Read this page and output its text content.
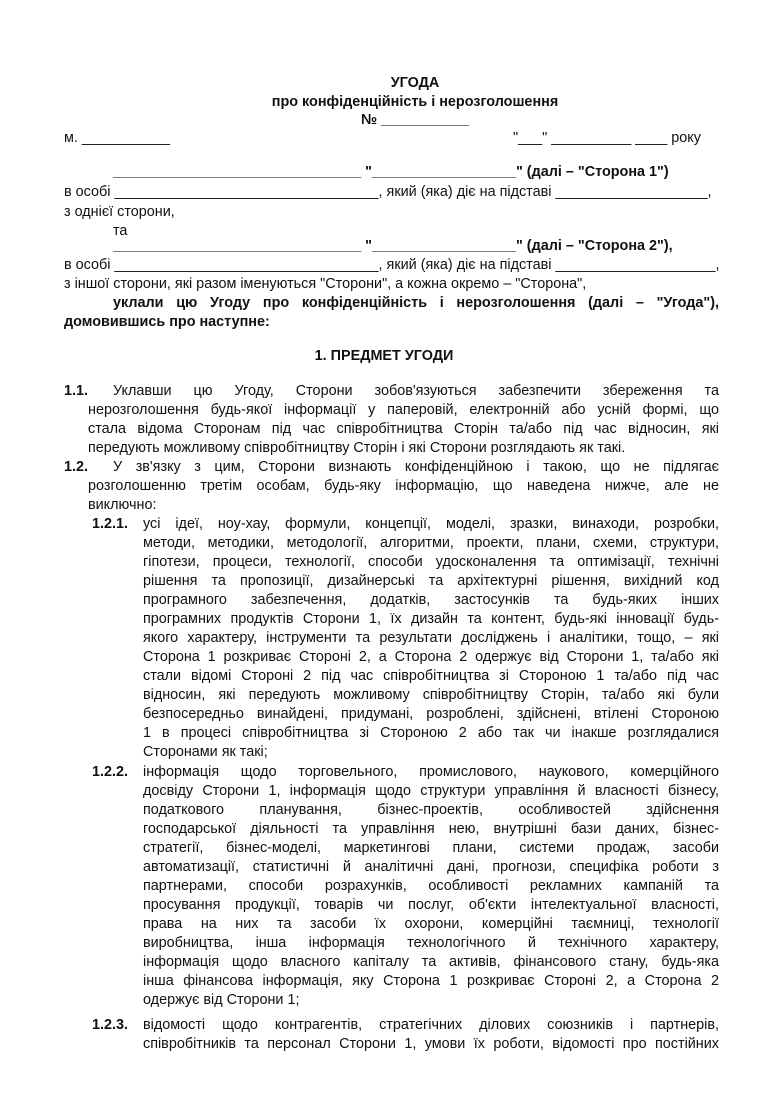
УГОДА
про конфіденційність і нерозголошення
№ ___________
м. ___________	"___" __________ ____ року
_______________________________ "__________________" (далі – "Сторона 1")
в особі _________________________________, який (яка) діє на підставі ___________________,
з однієї сторони,
та
_______________________________ "__________________" (далі – "Сторона 2"),
в особі _________________________________, який (яка) діє на підставі ____________________,
з іншої сторони, які разом іменуються "Сторони", а кожна окремо – "Сторона",
уклали цю Угоду про конфіденційність і нерозголошення (далі – "Угода"),
домовившись про наступне:
1. ПРЕДМЕТ УГОДИ
1.1. Уклавши цю Угоду, Сторони зобов'язуються забезпечити збереження та
нерозголошення будь-якої інформації у паперовій, електронній або усній формі, що
стала відома Сторонам під час співробітництва Сторін та/або під час відносин, які
передують можливому співробітництву Сторін і які Сторони розглядають як такі.
1.2. У зв'язку з цим, Сторони визнають конфіденційною і такою, що не підлягає
розголошенню третім особам, будь-яку інформацію, що наведена нижче, але не
виключно:
1.2.1. усі ідеї, ноу-хау, формули, концепції, моделі, зразки, винаходи, розробки,
методи, методики, методології, алгоритми, проекти, плани, схеми, структури,
гіпотези, процеси, технології, способи удосконалення та оптимізації, технічні
рішення та пропозиції, дизайнерські та архітектурні рішення, вихідний код
програмного забезпечення, додатків, застосунків та будь-яких інших
програмних продуктів Сторони 1, їх дизайн та контент, будь-які інновації будь-
якого характеру, інструменти та результати досліджень і аналітики, тощо, – які
Сторона 1 розкриває Стороні 2, а Сторона 2 одержує від Сторони 1, та/або які
стали відомі Стороні 2 під час співробітництва зі Стороною 1 та/або під час
відносин, які передують можливому співробітництву Сторін, та/або які були
безпосередньо винайдені, придумані, розроблені, здійснені, втілені Стороною
1 в процесі співробітництва зі Стороною 2 або так чи інакше розглядалися
Сторонами як такі;
1.2.2. інформація щодо торговельного, промислового, наукового, комерційного
досвіду Сторони 1, інформація щодо структури управління й власності бізнесу,
податкового планування, бізнес-проектів, особливостей здійснення
господарської діяльності та управління нею, внутрішні бази даних, бізнес-
стратегії, бізнес-моделі, маркетингові плани, системи продаж, засоби
автоматизації, статистичні й аналітичні дані, прогнози, специфіка роботи з
партнерами, способи розрахунків, особливості рекламних кампаній та
просування продукції, товарів чи послуг, об'єкти інтелектуальної власності,
права на них та засоби їх охорони, комерційні таємниці, технології
виробництва, інша інформація технологічного й технічного характеру,
інформація щодо власного капіталу та активів, фінансового стану, будь-яка
інша фінансова інформація, яку Сторона 1 розкриває Стороні 2, а Сторона 2
одержує від Сторони 1;
1.2.3. відомості щодо контрагентів, стратегічних ділових союзників і партнерів,
співробітників та персонал Сторони 1, умови їх роботи, відомості про постійних
